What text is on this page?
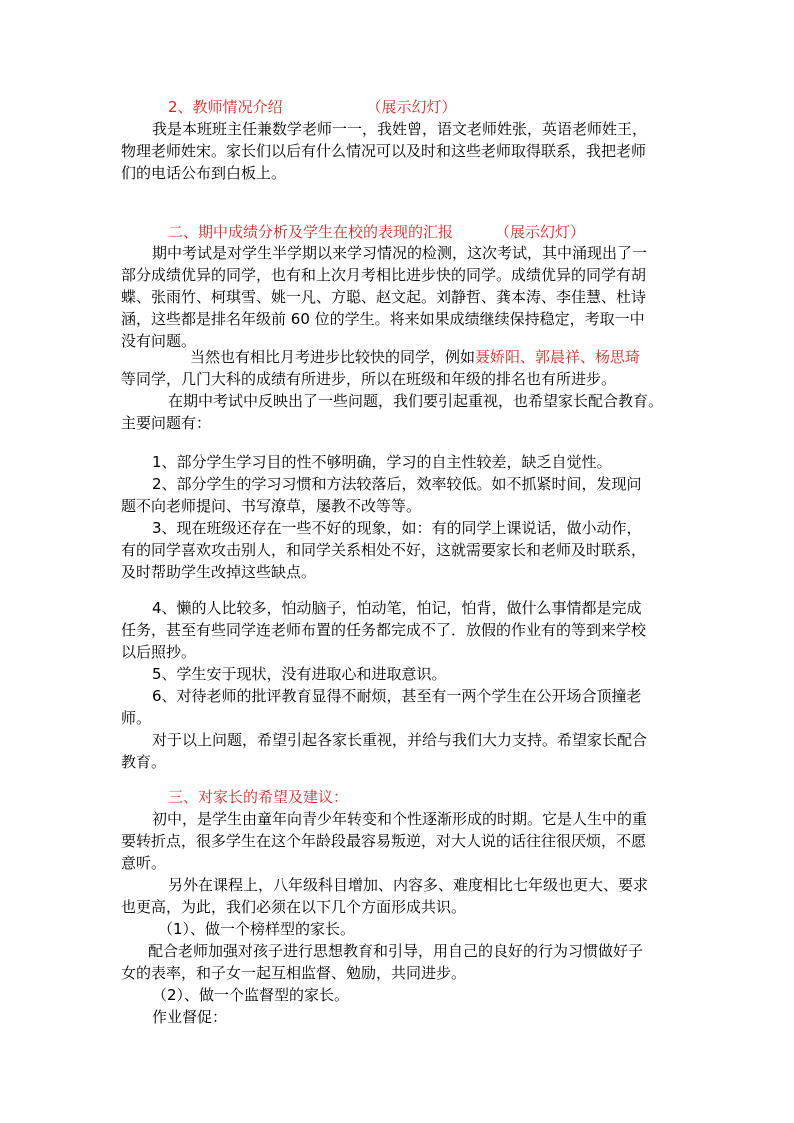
2、教师情况介绍	（展示幻灯）
我是本班班主任兼数学老师一一，我姓曾，语文老师姓张，英语老师姓王，
物理老师姓宋。家长们以后有什么情况可以及时和这些老师取得联系，我把老师
们的电话公布到白板上。
二、期中成绩分析及学生在校的表现的汇报	（展示幻灯）
期中考试是对学生半学期以来学习情况的检测，这次考试，其中涌现出了一
部分成绩优异的同学，也有和上次月考相比进步快的同学。成绩优异的同学有胡
蝶、张雨竹、柯琪雪、姚一凡、方聪、赵文起。刘静哲、龚本涛、李佳慧、杜诗
涵，这些都是排名年级前 60 位的学生。将来如果成绩继续保持稳定，考取一中
没有问题。
当然也有相比月考进步比较快的同学，例如聂娇阳、郭晨祥、杨思琦
等同学，几门大科的成绩有所进步，所以在班级和年级的排名也有所进步。
在期中考试中反映出了一些问题，我们要引起重视，也希望家长配合教育。
主要问题有：
1、部分学生学习目的性不够明确，学习的自主性较差，缺乏自觉性。
2、部分学生的学习习惯和方法较落后，效率较低。如不抓紧时间，发现问
题不向老师提问、书写潦草，屡教不改等等。
3、现在班级还存在一些不好的现象，如：有的同学上课说话，做小动作，
有的同学喜欢攻击别人，和同学关系相处不好，这就需要家长和老师及时联系，
及时帮助学生改掉这些缺点。
4、懒的人比较多，怕动脑子，怕动笔，怕记，怕背，做什么事情都是完成
任务，甚至有些同学连老师布置的任务都完成不了．放假的作业有的等到来学校
以后照抄。
5、学生安于现状，没有进取心和进取意识。
6、对待老师的批评教育显得不耐烦，甚至有一两个学生在公开场合顶撞老
师。
对于以上问题，希望引起各家长重视，并给与我们大力支持。希望家长配合
教育。
三、对家长的希望及建议：
初中，是学生由童年向青少年转变和个性逐渐形成的时期。它是人生中的重
要转折点，很多学生在这个年龄段最容易叛逆，对大人说的话往往很厌烦，不愿
意听。
另外在课程上，八年级科目增加、内容多、难度相比七年级也更大、要求
也更高，为此，我们必须在以下几个方面形成共识。
（1）、做一个榜样型的家长。
配合老师加强对孩子进行思想教育和引导，用自己的良好的行为习惯做好子
女的表率，和子女一起互相监督、勉励，共同进步。
（2）、做一个监督型的家长。
作业督促：
